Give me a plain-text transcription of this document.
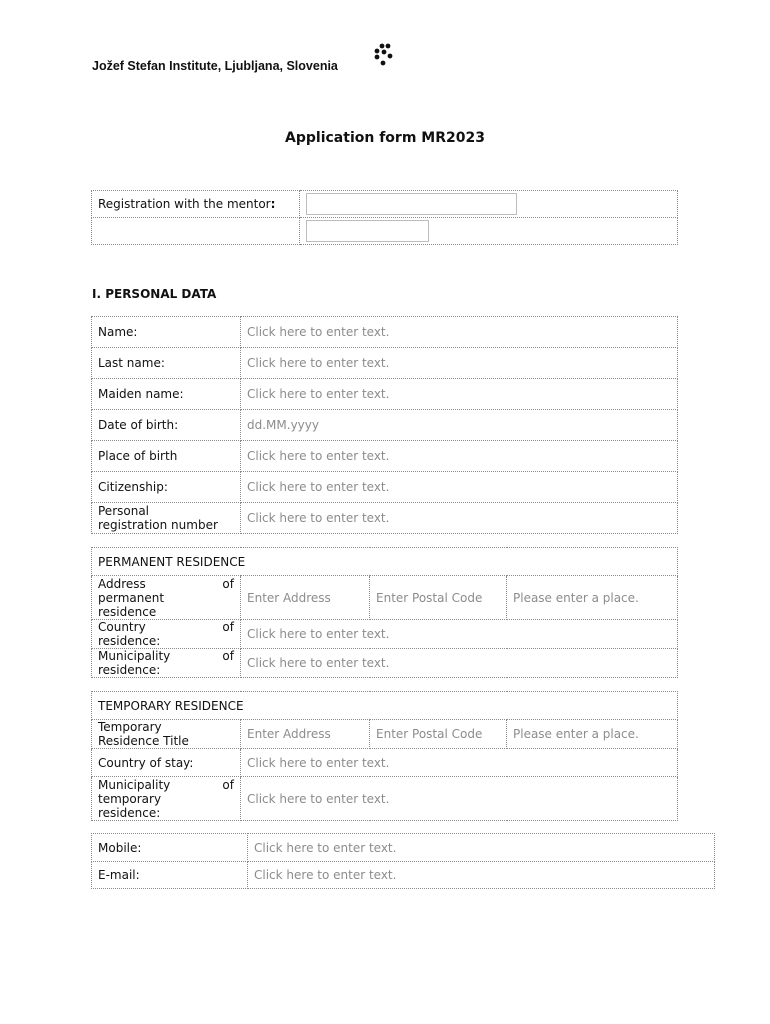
Jožef Stefan Institute, Ljubljana, Slovenia
Application form MR2023
Registration with the mentor:	

I. PERSONAL DATA
Name:	Click here to enter text.
Last name:	Click here to enter text.
Maiden name:	Click here to enter text.
Date of birth:	dd.MM.yyyy
Place of birth	Click here to enter text.
Citizenship:	Click here to enter text.

Personal
registration number	Click here to enter text.
PERMANENT RESIDENCE			

Address of
permanent
residence	Enter Address	Enter Postal Code	Please enter a place.

Country of
residence:	Click here to enter text.		

Municipality of
residence:	Click here to enter text.		
TEMPORARY RESIDENCE			

Temporary
Residence Title	Enter Address	Enter Postal Code	Please enter a place.
Country of stay:	Click here to enter text.		

Municipality of
temporary
residence:	Click here to enter text.		
Mobile:	Click here to enter text.
E-mail:	Click here to enter text.
